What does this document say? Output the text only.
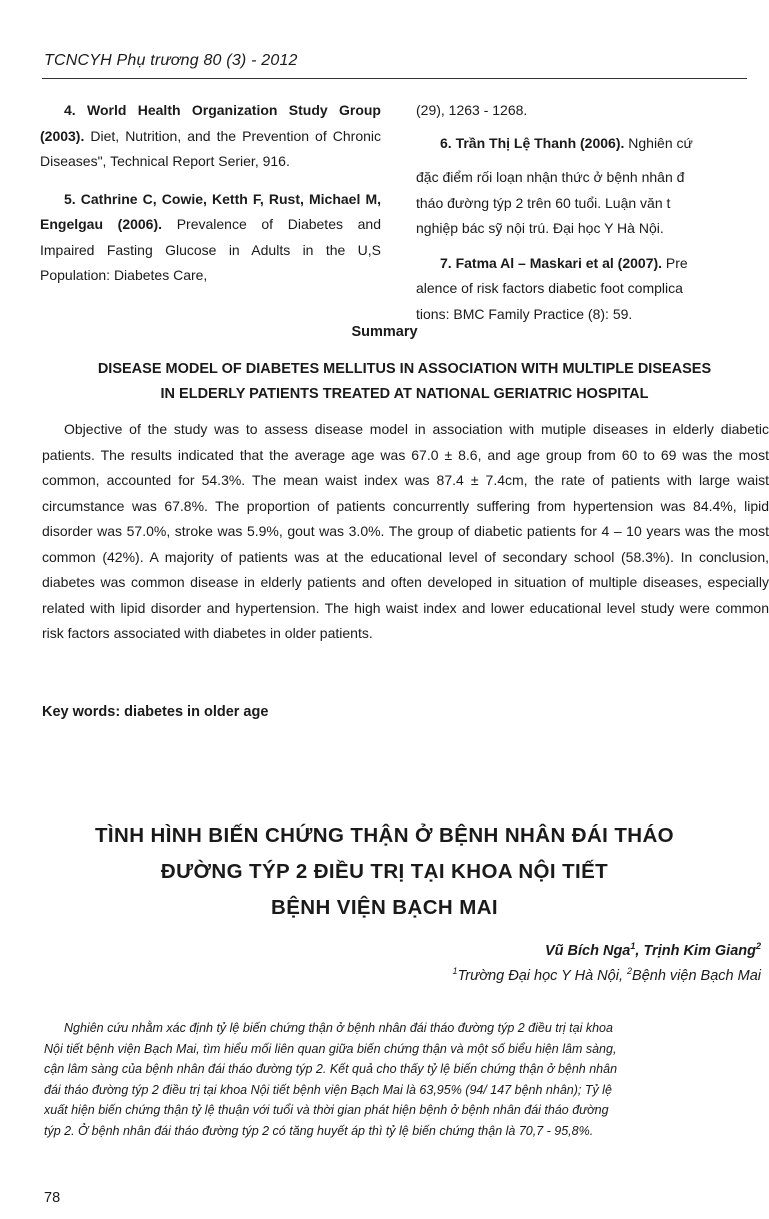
TCNCYH Phụ trương 80 (3) - 2012

4. World Health Organization Study Group (2003). Diet, Nutrition, and the Prevention of Chronic Diseases", Technical Report Serier, 916.

5. Cathrine C, Cowie, Ketth F, Rust, Michael M, Engelgau (2006). Prevalence of Diabetes and Impaired Fasting Glucose in Adults in the U,S Population: Diabetes Care,

(29), 1263 - 1268.

6. Trần Thị Lệ Thanh (2006). Nghiên cứ

đặc điểm rối loạn nhận thức ở bệnh nhân đ

tháo đường týp 2 trên 60 tuổi. Luận văn t

nghiệp bác sỹ nội trú. Đại học Y Hà Nội.

7. Fatma Al – Maskari et al (2007). Pre

alence of risk factors diabetic foot complica

tions: BMC Family Practice (8): 59.

Summary
DISEASE MODEL OF DIABETES MELLITUS IN ASSOCIATION WITH MULTIPLE DISEASES
IN ELDERLY PATIENTS TREATED AT NATIONAL GERIATRIC HOSPITAL

Objective of the study was to assess disease model in association with mutiple diseases in elderly diabetic patients. The results indicated that the average age was 67.0 ± 8.6, and age group from 60 to 69 was the most common, accounted for 54.3%. The mean waist index was 87.4 ± 7.4cm, the rate of patients with large waist circumstance was 67.8%. The proportion of patients concurrently suffering from hypertension was 84.4%, lipid disorder was 57.0%, stroke was 5.9%, gout was 3.0%. The group of diabetic patients for 4 – 10 years was the most common (42%). A majority of patients was at the educational level of secondary school (58.3%). In conclusion, diabetes was common disease in elderly patients and often developed in situation of multiple diseases, especially related with lipid disorder and hypertension. The high waist index and lower educational level study were common risk factors associated with diabetes in older patients.

Key words: diabetes in older age
TÌNH HÌNH BIẾN CHỨNG THẬN Ở BỆNH NHÂN ĐÁI THÁO
ĐƯỜNG TÝP 2 ĐIỀU TRỊ TẠI KHOA NỘI TIẾT
BỆNH VIỆN BẠCH MAI
Vũ Bích Nga$^1$, Trịnh Kim Giang$^2$
$^1$Trường Đại học Y Hà Nội, $^2$Bệnh viện Bạch Mai
Nghiên cứu nhằm xác định tỷ lệ biến chứng thận ở bệnh nhân đái tháo đường týp 2 điều trị tại khoa
Nội tiết bệnh viện Bạch Mai, tìm hiểu mối liên quan giữa biến chứng thận và một số biểu hiện lâm sàng,
cận lâm sàng của bệnh nhân đái tháo đường týp 2. Kết quả cho thấy tỷ lệ biến chứng thận ở bệnh nhân
đái tháo đường týp 2 điều trị tại khoa Nội tiết bệnh viện Bạch Mai là 63,95% (94/ 147 bệnh nhân); Tỷ lệ
xuất hiện biến chứng thận tỷ lệ thuận với tuổi và thời gian phát hiện bệnh ở bệnh nhân đái tháo đường
týp 2. Ở bệnh nhân đái tháo đường týp 2 có tăng huyết áp thì tỷ lệ biến chứng thận là 70,7 - 95,8%.
78
